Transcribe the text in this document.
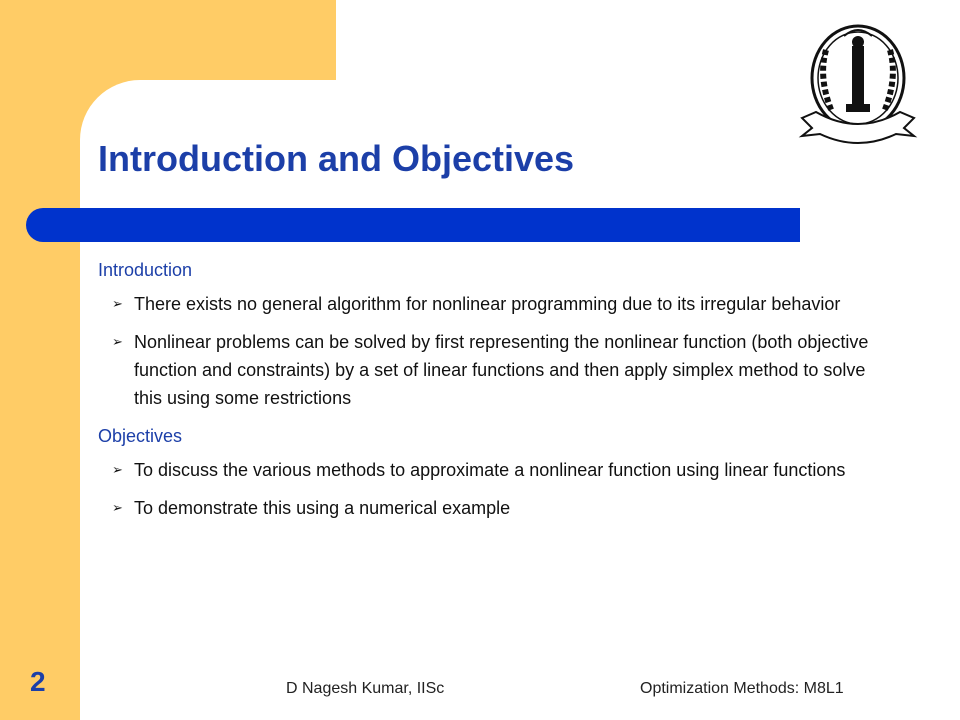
Introduction and Objectives
Introduction
➢ There exists no general algorithm for nonlinear programming due to its irregular behavior
➢ Nonlinear problems can be solved by first representing the nonlinear function (both objective function and constraints) by a set of linear functions and then apply simplex method to solve this using some restrictions
Objectives
➢ To discuss the various methods to approximate a nonlinear function using linear functions
➢ To demonstrate this using a numerical example
2	D Nagesh Kumar, IISc	Optimization Methods: M8L1
